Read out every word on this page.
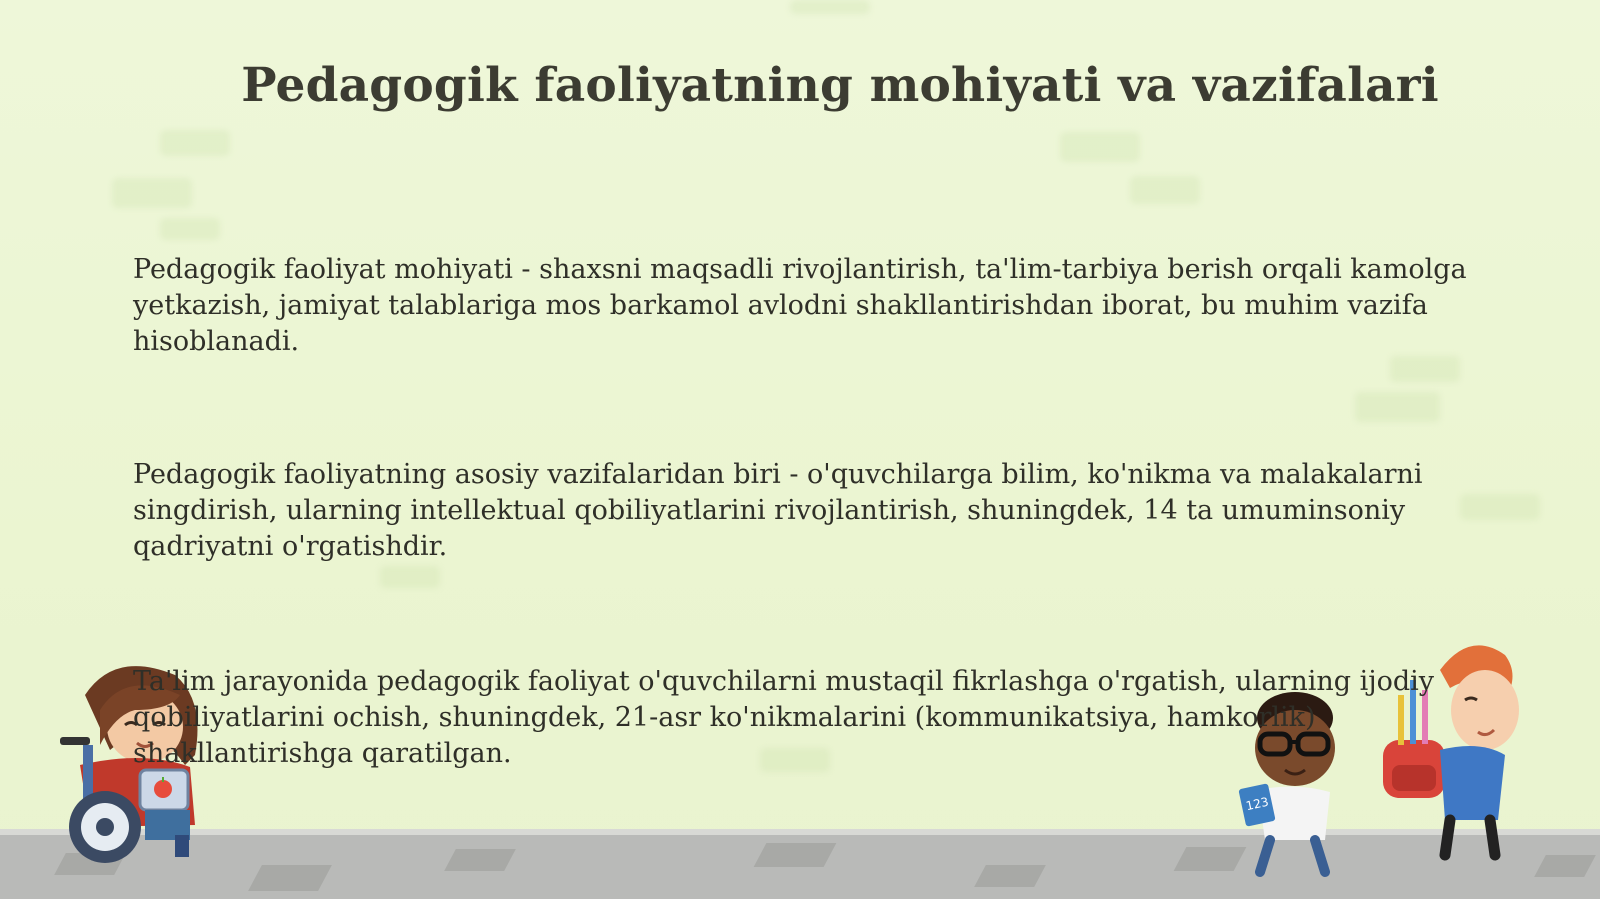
Pedagogik faoliyatning mohiyati va vazifalari

Pedagogik faoliyat mohiyati - shaxsni maqsadli rivojlantirish, ta'lim-tarbiya berish orqali kamolga yetkazish, jamiyat talablariga mos barkamol avlodni shakllantirishdan iborat, bu muhim vazifa hisoblanadi.

Pedagogik faoliyatning asosiy vazifalaridan biri - o'quvchilarga bilim, ko'nikma va malakalarni singdirish, ularning intellektual qobiliyatlarini rivojlantirish, shuningdek, 14 ta umuminsoniy qadriyatni o'rgatishdir.

123

Ta'lim jarayonida pedagogik faoliyat o'quvchilarni mustaqil fikrlashga o'rgatish, ularning ijodiy qobiliyatlarini ochish, shuningdek, 21-asr ko'nikmalarini (kommunikatsiya, hamkorlik) shakllantirishga qaratilgan.
